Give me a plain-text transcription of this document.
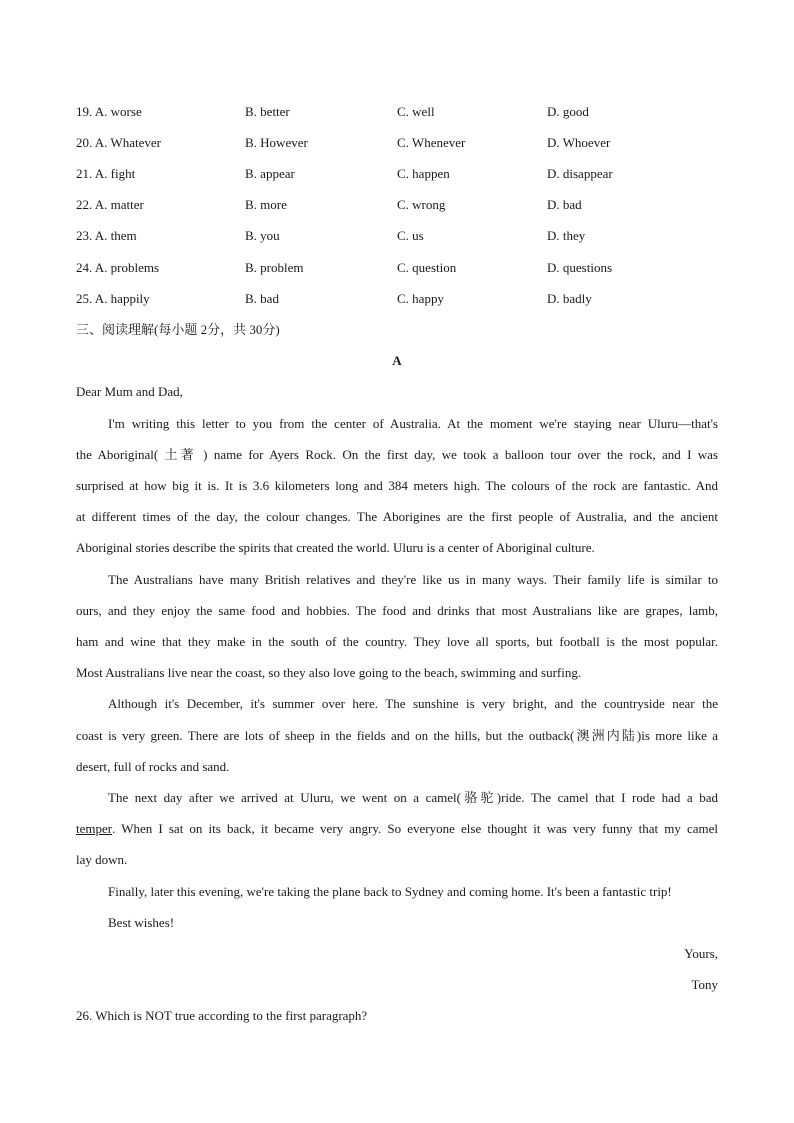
19. A. worse	B. better	C. well	D. good
20. A. Whatever	B. However	C. Whenever	D. Whoever
21. A. fight	B. appear	C. happen	D. disappear
22. A. matter	B. more	C. wrong	D. bad
23. A. them	B. you	C. us	D. they
24. A. problems	B. problem	C. question	D. questions
25. A. happily	B. bad	C. happy	D. badly
三、阅读理解(每小题 2分，共 30分)
A
Dear Mum and Dad,
I'm writing this letter to you from the center of Australia. At the moment we're staying near Uluru—that's
the Aboriginal( 土著 ) name for Ayers Rock. On the first day, we took a balloon tour over the rock, and I was
surprised at how big it is. It is 3.6 kilometers long and 384 meters high. The colours of the rock are fantastic. And
at different times of the day, the colour changes. The Aborigines are the first people of Australia, and the ancient
Aboriginal stories describe the spirits that created the world. Uluru is a center of Aboriginal culture.
The Australians have many British relatives and they're like us in many ways. Their family life is similar to
ours, and they enjoy the same food and hobbies. The food and drinks that most Australians like are grapes, lamb,
ham and wine that they make in the south of the country. They love all sports, but football is the most popular.
Most Australians live near the coast, so they also love going to the beach, swimming and surfing.
Although it's December, it's summer over here. The sunshine is very bright, and the countryside near the
coast is very green. There are lots of sheep in the fields and on the hills, but the outback(澳洲内陆)is more like a
desert, full of rocks and sand.
The next day after we arrived at Uluru, we went on a camel(骆驼)ride. The camel that I rode had a bad
temper . When I sat on its back, it became very angry. So everyone else thought it was very funny that my camel
lay down.
Finally, later this evening, we're taking the plane back to Sydney and coming home. It's been a fantastic trip!
Best wishes!
Yours,
Tony
26. Which is NOT true according to the first paragraph?
